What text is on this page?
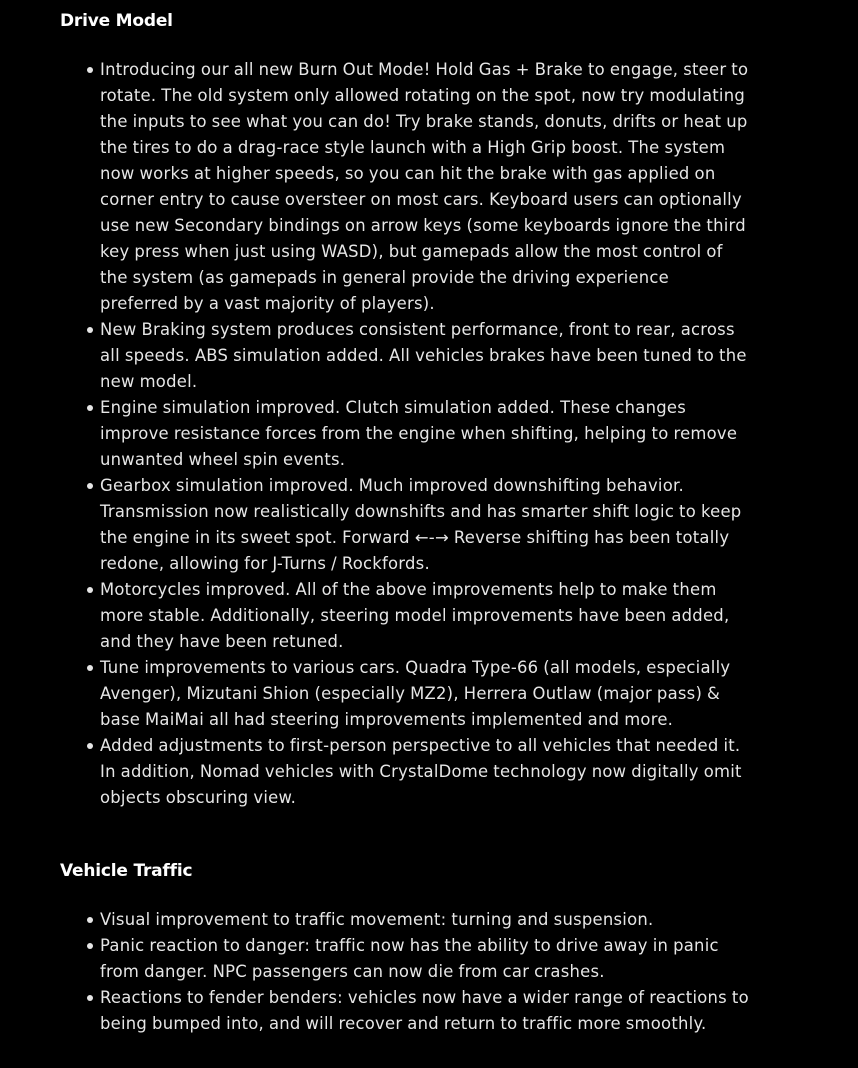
Drive Model
Introducing our all new Burn Out Mode! Hold Gas + Brake to engage, steer to rotate. The old system only allowed rotating on the spot, now try modulating the inputs to see what you can do! Try brake stands, donuts, drifts or heat up the tires to do a drag-race style launch with a High Grip boost. The system now works at higher speeds, so you can hit the brake with gas applied on corner entry to cause oversteer on most cars. Keyboard users can optionally use new Secondary bindings on arrow keys (some keyboards ignore the third key press when just using WASD), but gamepads allow the most control of the system (as gamepads in general provide the driving experience preferred by a vast majority of players).
New Braking system produces consistent performance, front to rear, across all speeds. ABS simulation added. All vehicles brakes have been tuned to the new model.
Engine simulation improved. Clutch simulation added. These changes improve resistance forces from the engine when shifting, helping to remove unwanted wheel spin events.
Gearbox simulation improved. Much improved downshifting behavior. Transmission now realistically downshifts and has smarter shift logic to keep the engine in its sweet spot. Forward ←-→ Reverse shifting has been totally redone, allowing for J-Turns / Rockfords.
Motorcycles improved. All of the above improvements help to make them more stable. Additionally, steering model improvements have been added, and they have been retuned.
Tune improvements to various cars. Quadra Type-66 (all models, especially Avenger), Mizutani Shion (especially MZ2), Herrera Outlaw (major pass) & base MaiMai all had steering improvements implemented and more.
Added adjustments to first-person perspective to all vehicles that needed it. In addition, Nomad vehicles with CrystalDome technology now digitally omit objects obscuring view.
Vehicle Traffic
Visual improvement to traffic movement: turning and suspension.
Panic reaction to danger: traffic now has the ability to drive away in panic from danger. NPC passengers can now die from car crashes.
Reactions to fender benders: vehicles now have a wider range of reactions to being bumped into, and will recover and return to traffic more smoothly.
